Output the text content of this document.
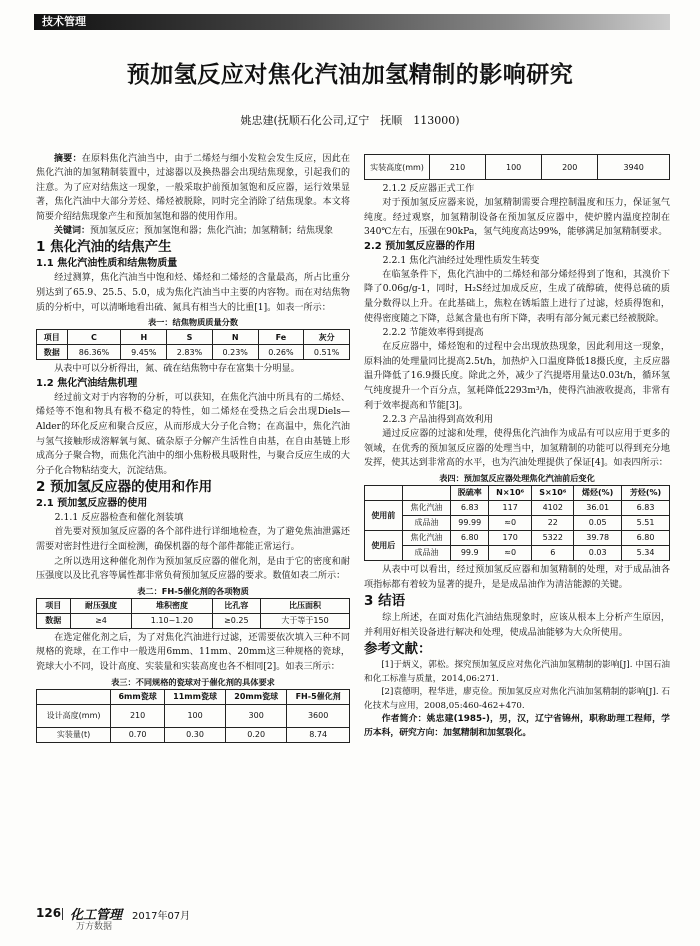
技术管理
预加氢反应对焦化汽油加氢精制的影响研究
姚忠建(抚顺石化公司,辽宁　抚顺　113000)

摘要：在原料焦化汽油当中，由于二烯烃与细小发粒会发生反应，因此在焦化汽油的加氢精制装置中，过滤器以及换热器会出现结焦现象，引起我们的注意。为了应对结焦这一现象，一般采取护前预加氢饱和反应器，运行效果显著，焦化汽油中大部分芳烃、烯烃被脱除，同时完全消除了结焦现象。本文将简要介绍结焦现象产生和预加氢饱和器的使用作用。

关键词：预加氢反应；预加氢饱和器；焦化汽油；加氢精制；结焦现象

1 焦化汽油的结焦产生
1.1 焦化汽油性质和结焦物质量

经过测算，焦化汽油当中饱和烃、烯烃和二烯烃的含量最高，所占比重分别达到了65.9、25.5、5.0，成为焦化汽油当中主要的内容物。而在对结焦物质的分析中，可以清晰地看出硫、氮具有相当大的比重[1]。如表一所示：

表一：结焦物质质量分数
项目	C	H	S	N	Fe	灰分
数据	86.36%	9.45%	2.83%	0.23%	0.26%	0.51%

从表中可以分析得出，氮、硫在结焦物中存在富集十分明显。

1.2 焦化汽油结焦机理

经过前文对于内容物的分析，可以获知，在焦化汽油中所具有的二烯烃、烯烃等不饱和物具有极不稳定的特性，如二烯烃在受热之后会出现Diels—Alder的环化反应和聚合反应，从而形成大分子化合物；在高温中，焦化汽油与氢气接触形成溶解氧与氮、硫杂原子分解产生活性自由基，在自由基链上形成高分子聚合物，而焦化汽油中的细小焦粉极具吸附性，与聚合反应生成的大分子化合物粘结变大，沉淀结焦。

2 预加氢反应器的使用和作用
2.1 预加氢反应器的使用
2.1.1 反应器检查和催化剂装填

首先要对预加氢反应器的各个部件进行详细地检查，为了避免焦油泄露还需要对密封性进行全面检测，确保机器的每个部件都能正常运行。

之所以选用这种催化剂作为预加氢反应器的催化剂，是由于它的密度和耐压强度以及比孔容等属性都非常负荷预加氢反应器的要求。数值如表二所示：

表二：FH-5催化剂的各项物质
项目	耐压强度	堆积密度	比孔容	比压面积
数据	≥4	1.10~1.20	≥0.25	大于等于150

在选定催化剂之后，为了对焦化汽油进行过滤，还需要依次填入三种不同规格的瓷球，在工作中一般选用6mm、11mm、20mm这三种规格的瓷球，瓷球大小不同，设计高度、实装量和实装高度也各不相同[2]。如表三所示：

表三：不同规格的瓷球对于催化剂的具体要求
	6mm瓷球	11mm瓷球	20mm瓷球	FH-5催化剂
设计高度(mm)	210	100	300	3600
实装量(t)	0.70	0.30	0.20	8.74
实装高度(mm)	210	100	200	3940
2.1.2 反应器正式工作

对于预加氢反应器来说，加氢精制需要合理控制温度和压力，保证氢气纯度。经过观察，加氢精制设备在预加氢反应器中，使炉膛内温度控制在340℃左右，压强在90kPa，氢气纯度高达99%，能够满足加氢精制要求。

2.2 预加氢反应器的作用
2.2.1 焦化汽油经过处理性质发生转变

在临氢条件下，焦化汽油中的二烯烃和部分烯烃得到了饱和，其溴价下降了0.06g/g-1，同时，H₂S经过加成反应，生成了硫醇硫，使得总硫的质量分数得以上升。在此基础上，焦粒在锈垢篮上进行了过滤，烃质得饱和，使得密度随之下降，总氮含量也有所下降，表明有部分氮元素已经被脱除。

2.2.2 节能效率得到提高

在反应器中，烯烃饱和的过程中会出现放热现象，因此利用这一现象，原料油的处理量同比提高2.5t/h，加热炉入口温度降低18摄氏度，主反应器温升降低了16.9摄氏度。除此之外，减少了汽提塔用量达0.03t/h，循环氢气纯度提升一个百分点，氢耗降低2293m³/h，使得汽油液收提高，非常有利于效率提高和节能[3]。

2.2.3 产品油得到高效利用

通过反应器的过滤和处理，使得焦化汽油作为成品有可以应用于更多的领域，在优秀的预加氢反应器的处理当中，加氢精制的功能可以得到充分地发挥，使其达到非常高的水平，也为汽油处理提供了保证[4]。如表四所示：

表四：预加氢反应器处理焦化汽油前后变化
		脱硫率	N×10⁶	S×10⁶	烯烃(%)	芳烃(%)
使用前	焦化汽油	6.83	117	4102	36.01	6.83
	成品油	99.99	≈0	22	0.05	5.51
使用后	焦化汽油	6.80	170	5322	39.78	6.80
	成品油	99.9	≈0	6	0.03	5.34

从表中可以看出，经过预加氢反应器和加氢精制的处理，对于成品油各项指标都有着较为显著的提升，是是成品油作为清洁能源的关键。

3 结语

综上所述，在面对焦化汽油结焦现象时，应该从根本上分析产生原因，并利用好相关设备进行解决和处理，使成品油能够为大众所使用。

参考文献：

[1]于炳义，郭松。探究预加氢反应对焦化汽油加氢精制的影响[J]. 中国石油和化工标准与质量，2014,06:271.

[2]袁德明，程华进，廖克俭。预加氢反应对焦化汽油加氢精制的影响[J]. 石化技术与应用，2008,05:460-462+470.

作者简介：姚忠建(1985-)，男，汉，辽宁省锦州，职称助理工程师，学历本科，研究方向：加氢精制和加氢裂化。

126 化工管理 2017年07月
万方数据
